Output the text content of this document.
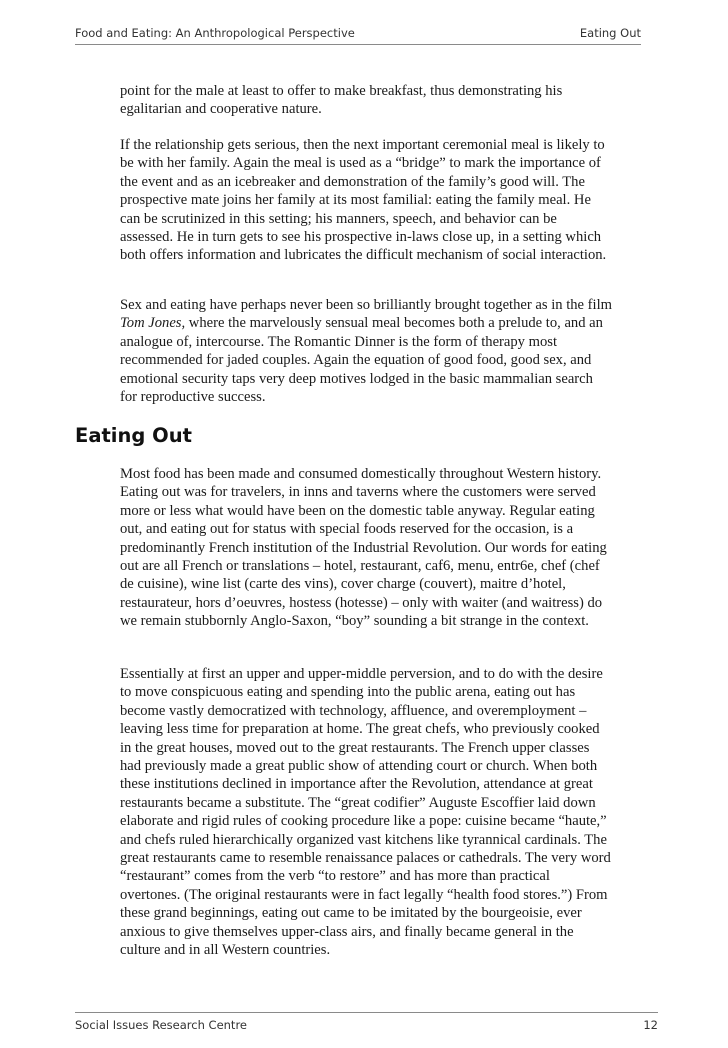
Food and Eating: An Anthropological Perspective	Eating Out

point for the male at least to offer to make breakfast, thus demonstrating his egalitarian and cooperative nature.

If the relationship gets serious, then the next important ceremonial meal is likely to be with her family. Again the meal is used as a “bridge” to mark the importance of the event and as an icebreaker and demonstration of the family’s good will. The prospective mate joins her family at its most familial: eating the family meal. He can be scrutinized in this setting; his manners, speech, and behavior can be assessed. He in turn gets to see his prospective in-laws close up, in a setting which both offers information and lubricates the difficult mechanism of social interaction.

Sex and eating have perhaps never been so brilliantly brought together as in the film Tom Jones, where the marvelously sensual meal becomes both a prelude to, and an analogue of, intercourse. The Romantic Dinner is the form of therapy most recommended for jaded couples. Again the equation of good food, good sex, and emotional security taps very deep motives lodged in the basic mammalian search for reproductive success.

Eating Out

Most food has been made and consumed domestically throughout Western history. Eating out was for travelers, in inns and taverns where the customers were served more or less what would have been on the domestic table anyway. Regular eating out, and eating out for status with special foods reserved for the occasion, is a predominantly French institution of the Industrial Revolution. Our words for eating out are all French or translations – hotel, restaurant, caf6, menu, entr6e, chef (chef de cuisine), wine list (carte des vins), cover charge (couvert), maitre d’hotel, restaurateur, hors d’oeuvres, hostess (hotesse) – only with waiter (and waitress) do we remain stubbornly Anglo-Saxon, “boy” sounding a bit strange in the context.

Essentially at first an upper and upper-middle perversion, and to do with the desire to move conspicuous eating and spending into the public arena, eating out has become vastly democratized with technology, affluence, and overemployment – leaving less time for preparation at home. The great chefs, who previously cooked in the great houses, moved out to the great restaurants. The French upper classes had previously made a great public show of attending court or church. When both these institutions declined in importance after the Revolution, attendance at great restaurants became a substitute. The “great codifier” Auguste Escoffier laid down elaborate and rigid rules of cooking procedure like a pope: cuisine became “haute,” and chefs ruled hierarchically organized vast kitchens like tyrannical cardinals. The great restaurants came to resemble renaissance palaces or cathedrals. The very word “restaurant” comes from the verb “to restore” and has more than practical overtones. (The original restaurants were in fact legally “health food stores.”) From these grand beginnings, eating out came to be imitated by the bourgeoisie, ever anxious to give themselves upper-class airs, and finally became general in the culture and in all Western countries.

Social Issues Research Centre	12
